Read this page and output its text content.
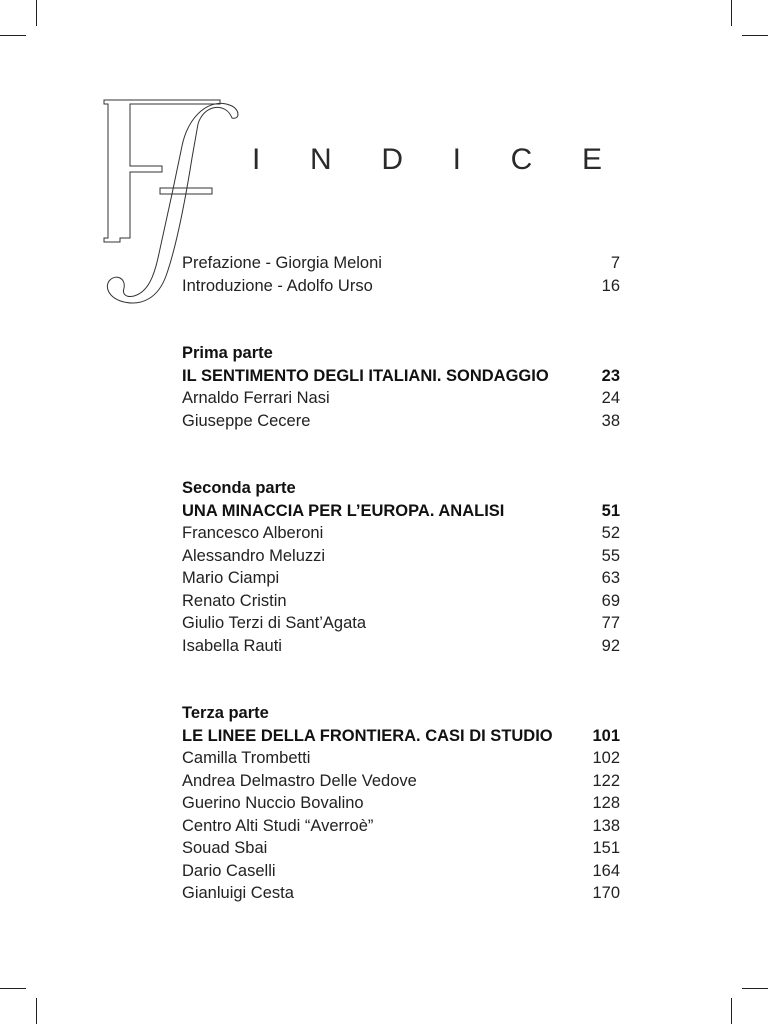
I N D I C E
Prefazione - Giorgia Meloni	7
Introduzione - Adolfo Urso	16
Prima parte
IL SENTIMENTO DEGLI ITALIANI. SONDAGGIO	23
Arnaldo Ferrari Nasi	24
Giuseppe Cecere	38
Seconda parte
UNA MINACCIA PER L’EUROPA. ANALISI	51
Francesco Alberoni	52
Alessandro Meluzzi	55
Mario Ciampi	63
Renato Cristin	69
Giulio Terzi di Sant’Agata	77
Isabella Rauti	92
Terza parte
LE LINEE DELLA FRONTIERA. CASI DI STUDIO 101
Camilla Trombetti	102
Andrea Delmastro Delle Vedove	122
Guerino Nuccio Bovalino	128
Centro Alti Studi “Averroè”	138
Souad Sbai	151
Dario Caselli	164
Gianluigi Cesta	170
